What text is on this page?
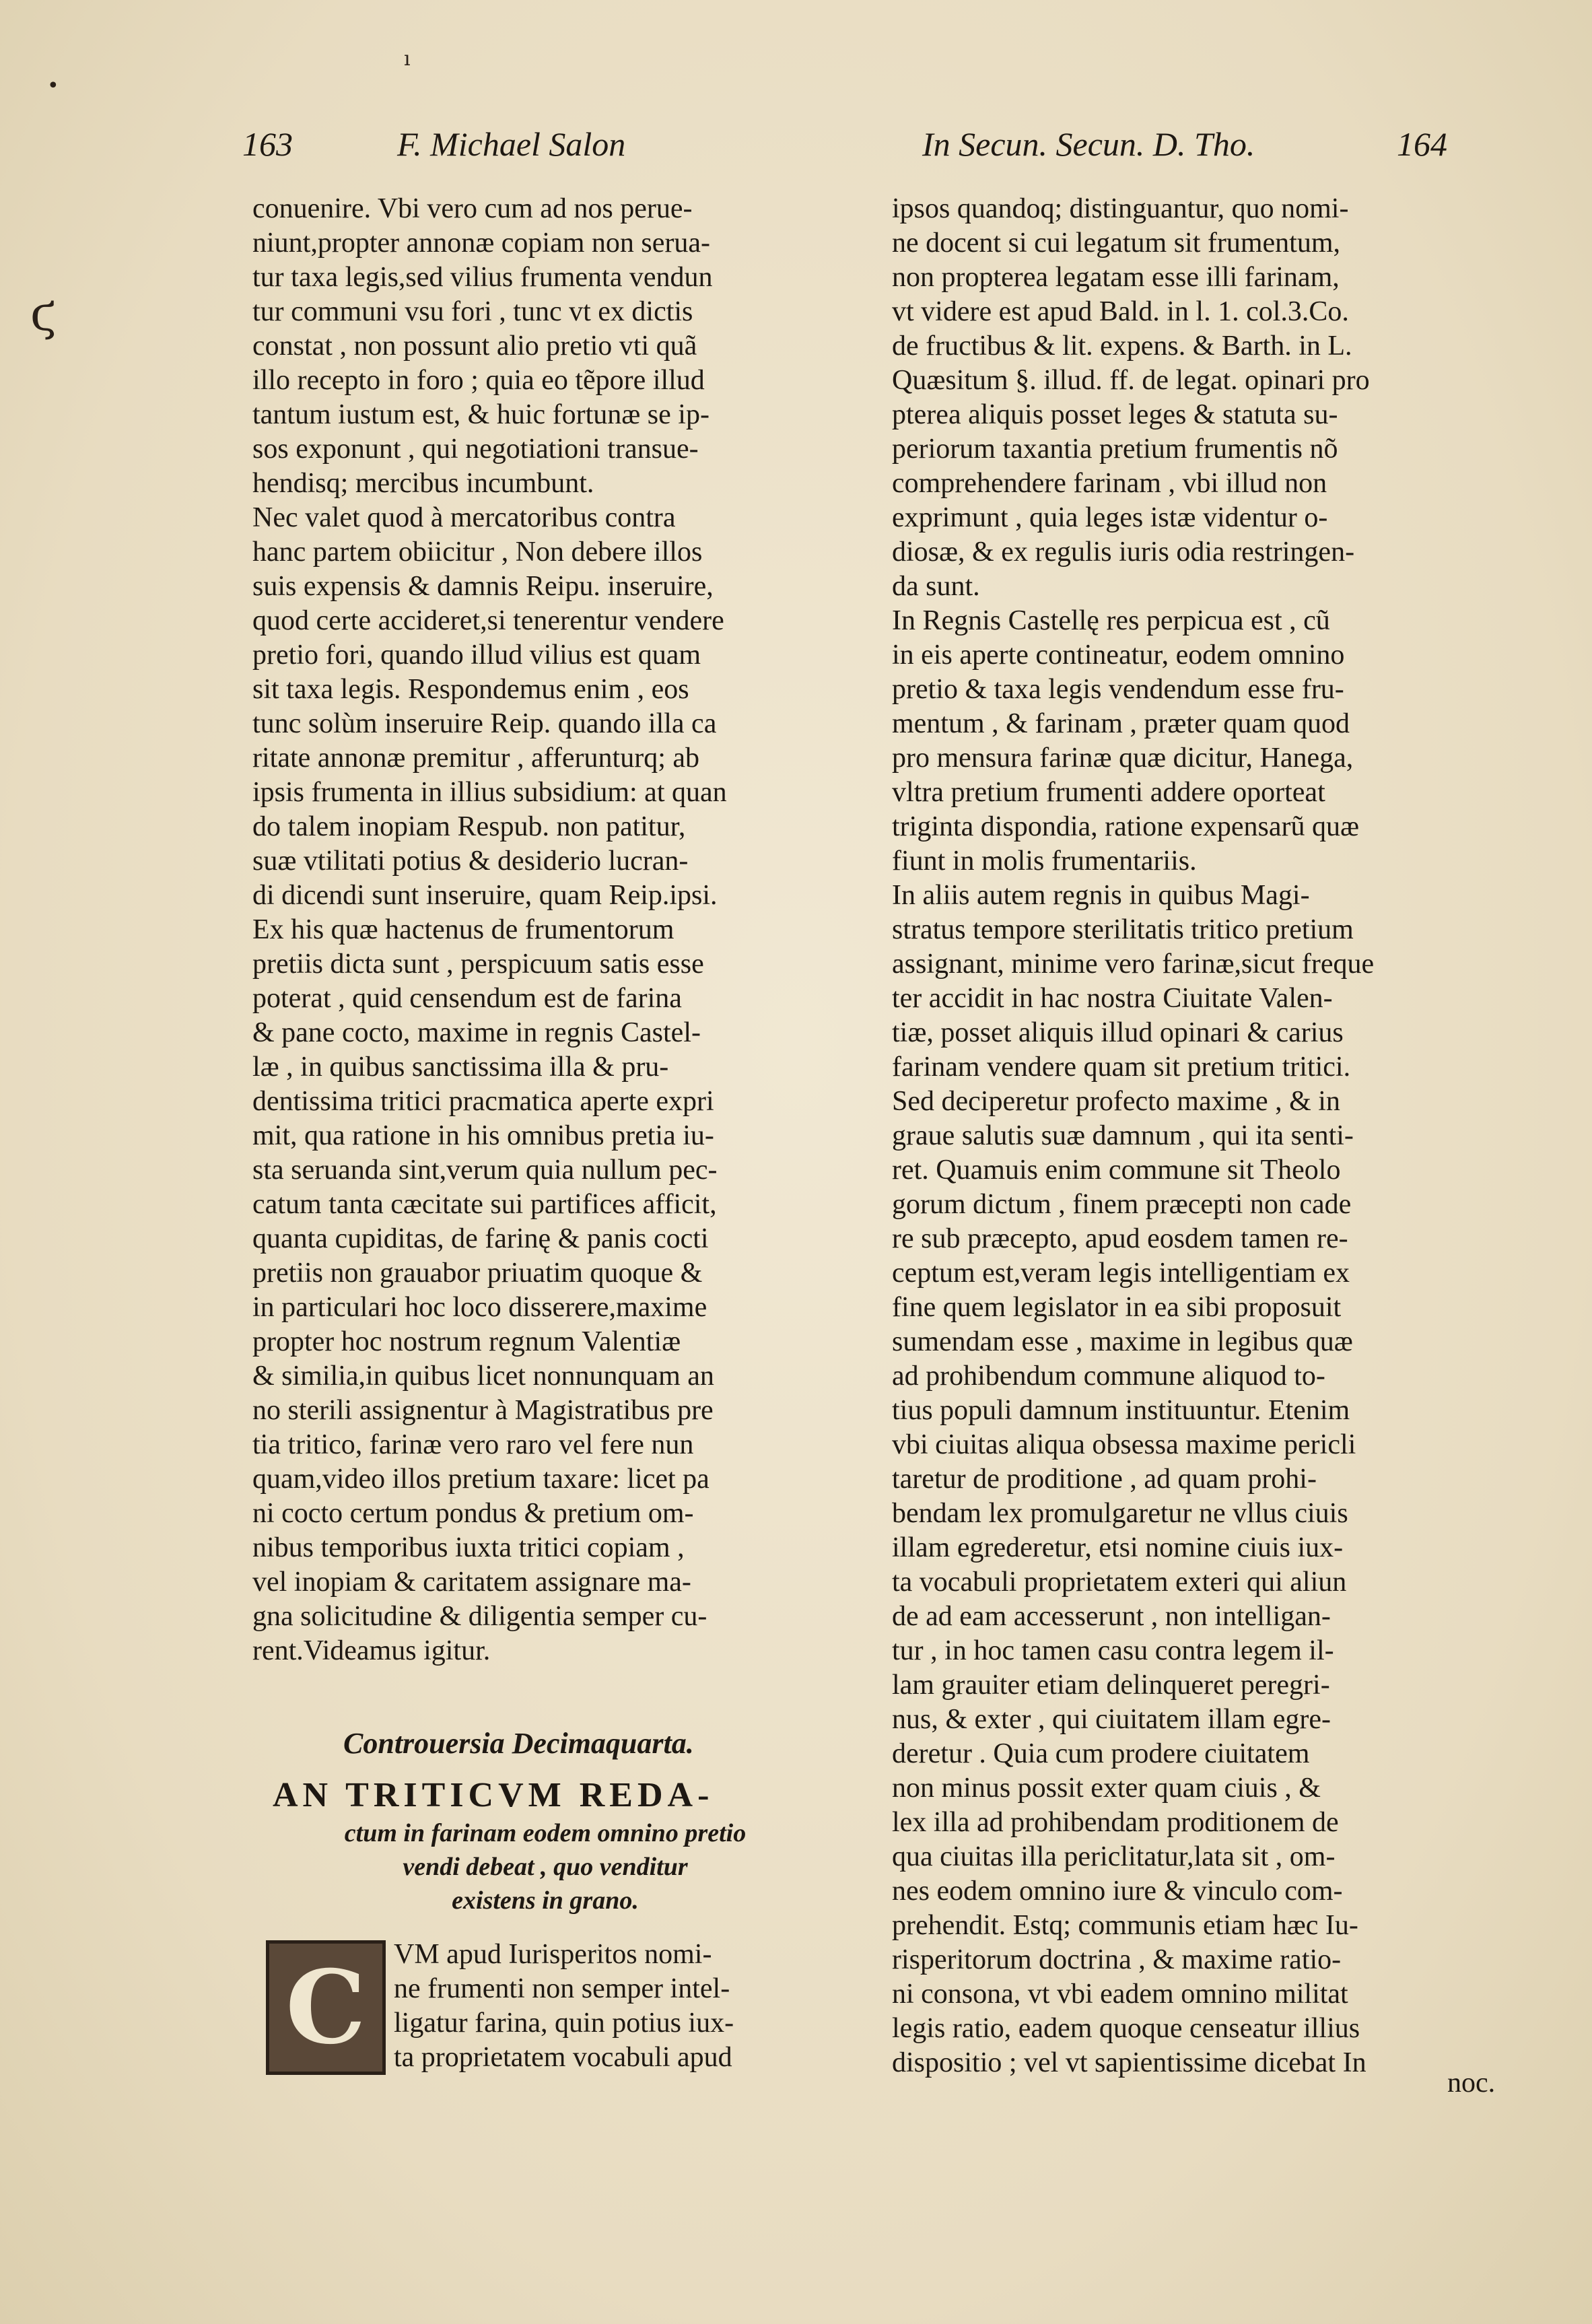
•
ı
ϛ
163	F. Michael Salon	In Secun. Secun. D. Tho.	164
conuenire. Vbi vero cum ad nos perue-
niunt,propter annonæ copiam non serua-
tur taxa legis,sed vilius frumenta vendun
tur communi vsu fori , tunc vt ex dictis
constat , non possunt alio pretio vti quã
illo recepto in foro ; quia eo tẽpore illud
tantum iustum est, & huic fortunæ se ip-
sos exponunt , qui negotiationi transue-
hendisq; mercibus incumbunt.
Nec valet quod à mercatoribus contra
hanc partem obiicitur , Non debere illos
suis expensis & damnis Reipu. inseruire,
quod certe accideret,si tenerentur vendere
pretio fori, quando illud vilius est quam
sit taxa legis. Respondemus enim , eos
tunc solùm inseruire Reip. quando illa ca
ritate annonæ premitur , afferunturq; ab
ipsis frumenta in illius subsidium: at quan
do talem inopiam Respub. non patitur,
suæ vtilitati potius & desiderio lucran-
di dicendi sunt inseruire, quam Reip.ipsi.
Ex his quæ hactenus de frumentorum
pretiis dicta sunt , perspicuum satis esse
poterat , quid censendum est de farina
& pane cocto, maxime in regnis Castel-
læ , in quibus sanctissima illa & pru-
dentissima tritici pracmatica aperte expri
mit, qua ratione in his omnibus pretia iu-
sta seruanda sint,verum quia nullum pec-
catum tanta cæcitate sui partifices afficit,
quanta cupiditas, de farinę & panis cocti
pretiis non grauabor priuatim quoque &
in particulari hoc loco disserere,maxime
propter hoc nostrum regnum Valentiæ
& similia,in quibus licet nonnunquam an
no sterili assignentur à Magistratibus pre
tia tritico, farinæ vero raro vel fere nun
quam,video illos pretium taxare: licet pa
ni cocto certum pondus & pretium om-
nibus temporibus iuxta tritici copiam ,
vel inopiam & caritatem assignare ma-
gna solicitudine & diligentia semper cu-
rent.Videamus igitur.
Controuersia Decimaquarta.
AN TRITICVM REDA-
ctum in farinam eodem omnino pretio
vendi debeat , quo venditur
existens in grano.
C VM apud Iurisperitos nomi-
ne frumenti non semper intel-
ligatur farina, quin potius iux-
ta proprietatem vocabuli apud
ipsos quandoq; distinguantur, quo nomi-
ne docent si cui legatum sit frumentum,
non propterea legatam esse illi farinam,
vt videre est apud Bald. in l. 1. col.3.Co.
de fructibus & lit. expens. & Barth. in L.
Quæsitum §. illud. ff. de legat. opinari pro
pterea aliquis posset leges & statuta su-
periorum taxantia pretium frumentis nõ
comprehendere farinam , vbi illud non
exprimunt , quia leges istæ videntur o-
diosæ, & ex regulis iuris odia restringen-
da sunt.
In Regnis Castellę res perpicua est , cũ
in eis aperte contineatur, eodem omnino
pretio & taxa legis vendendum esse fru-
mentum , & farinam , præter quam quod
pro mensura farinæ quæ dicitur, Hanega,
vltra pretium frumenti addere oporteat
triginta dispondia, ratione expensarũ quæ
fiunt in molis frumentariis.
In aliis autem regnis in quibus Magi-
stratus tempore sterilitatis tritico pretium
assignant, minime vero farinæ,sicut freque
ter accidit in hac nostra Ciuitate Valen-
tiæ, posset aliquis illud opinari & carius
farinam vendere quam sit pretium tritici.
Sed deciperetur profecto maxime , & in
graue salutis suæ damnum , qui ita senti-
ret. Quamuis enim commune sit Theolo
gorum dictum , finem præcepti non cade
re sub præcepto, apud eosdem tamen re-
ceptum est,veram legis intelligentiam ex
fine quem legislator in ea sibi proposuit
sumendam esse , maxime in legibus quæ
ad prohibendum commune aliquod to-
tius populi damnum instituuntur. Etenim
vbi ciuitas aliqua obsessa maxime pericli
taretur de proditione , ad quam prohi-
bendam lex promulgaretur ne vllus ciuis
illam egrederetur, etsi nomine ciuis iux-
ta vocabuli proprietatem exteri qui aliun
de ad eam accesserunt , non intelligan-
tur , in hoc tamen casu contra legem il-
lam grauiter etiam delinqueret peregri-
nus, & exter , qui ciuitatem illam egre-
deretur . Quia cum prodere ciuitatem
non minus possit exter quam ciuis , &
lex illa ad prohibendam proditionem de
qua ciuitas illa periclitatur,lata sit , om-
nes eodem omnino iure & vinculo com-
prehendit. Estq; communis etiam hæc Iu-
risperitorum doctrina , & maxime ratio-
ni consona, vt vbi eadem omnino militat
legis ratio, eadem quoque censeatur illius
dispositio ; vel vt sapientissime dicebat In
noc.
